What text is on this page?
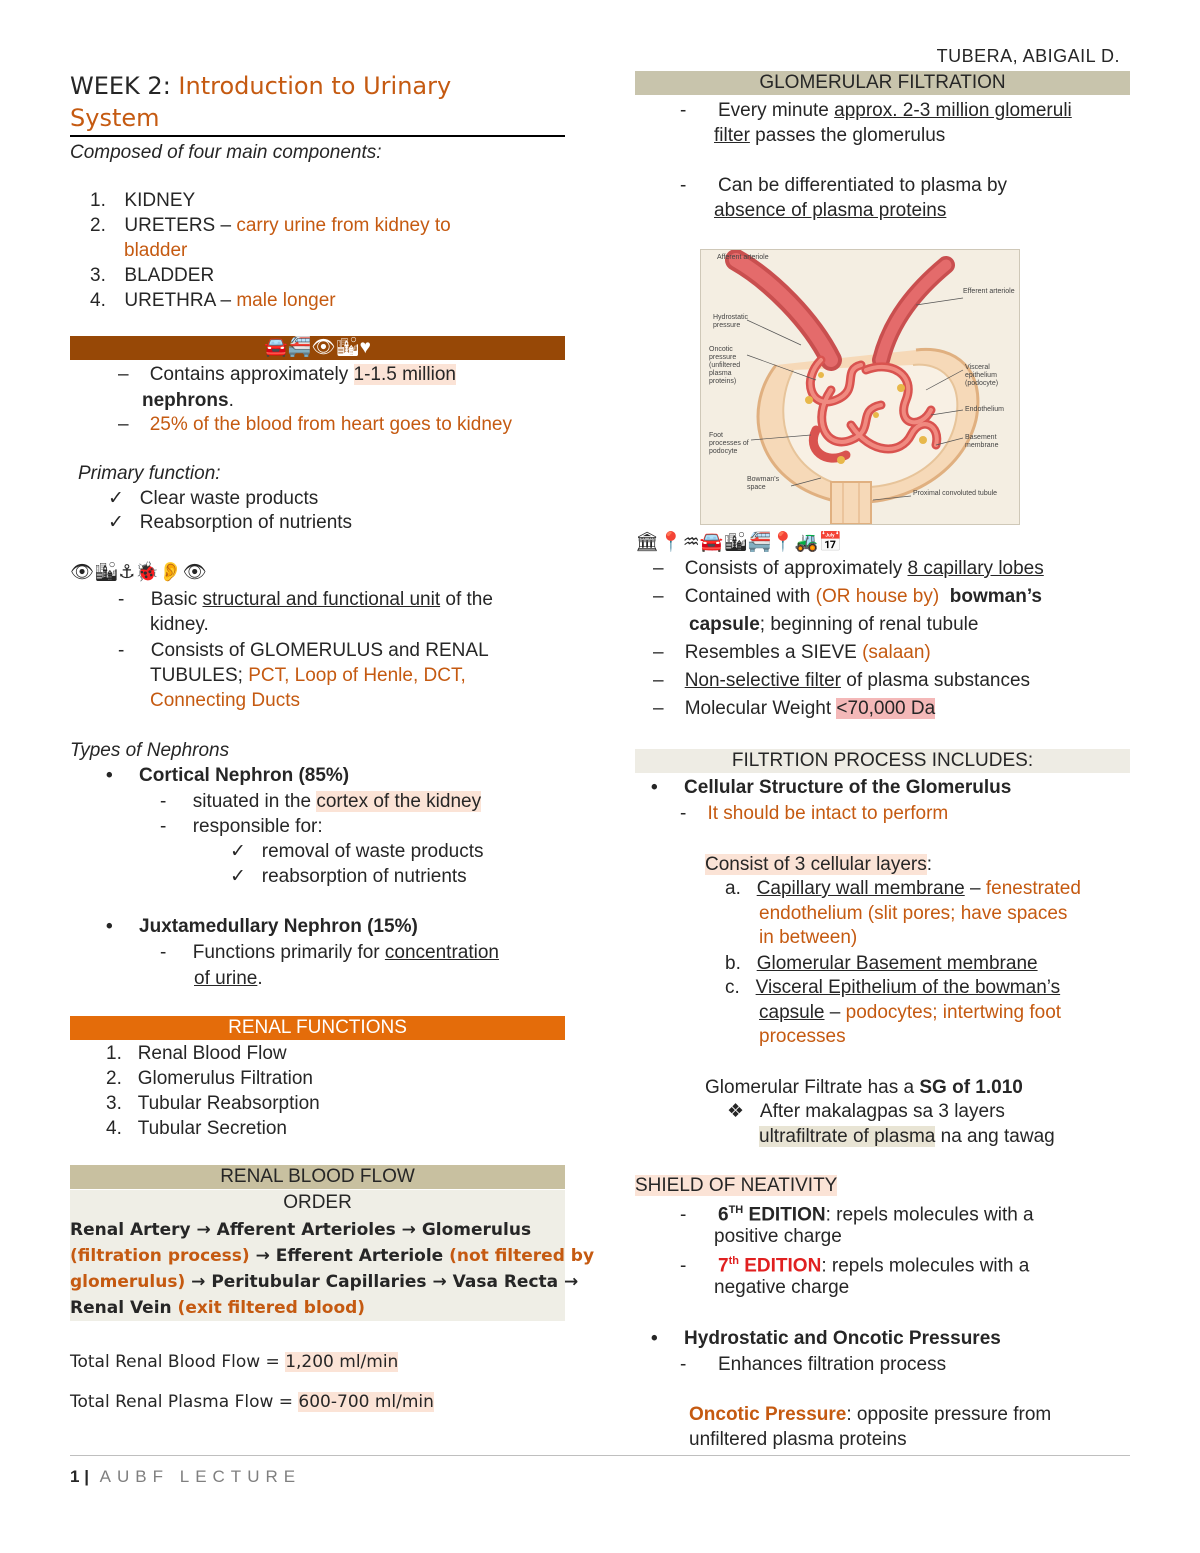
TUBERA, ABIGAIL D.
WEEK 2: Introduction to Urinary
System
Composed of four main components:
1. KIDNEY
2. URETERS – carry urine from kidney to
bladder
3. BLADDER
4. URETHRA – male longer
🚘🚝👁🏙♥
–    Contains approximately 1-1.5 million
nephrons.
–    25% of the blood from heart goes to kidney
Primary function:
✓ Clear waste products
✓ Reabsorption of nutrients
👁🏙⚓🐞👂👁
-     Basic structural and functional unit of the
kidney.
-     Consists of GLOMERULUS and RENAL
TUBULES; PCT, Loop of Henle, DCT,
Connecting Ducts
Types of Nephrons
•     Cortical Nephron (85%)
-     situated in the cortex of the kidney
-     responsible for:
✓ removal of waste products
✓ reabsorption of nutrients
•     Juxtamedullary Nephron (15%)
-     Functions primarily for concentration
of urine.
RENAL FUNCTIONS
1. Renal Blood Flow
2. Glomerulus Filtration
3. Tubular Reabsorption
4. Tubular Secretion
RENAL BLOOD FLOW
ORDER
Renal Artery → Afferent Arterioles → Glomerulus
(filtration process) → Efferent Arteriole (not filtered by
glomerulus) → Peritubular Capillaries → Vasa Recta →
Renal Vein (exit filtered blood)
Total Renal Blood Flow = 1,200 ml/min
Total Renal Plasma Flow = 600-700 ml/min
GLOMERULAR FILTRATION
-      Every minute approx. 2-3 million glomeruli
filter passes the glomerulus
-      Can be differentiated to plasma by
absence of plasma proteins
🏛📍♒🚘🏙🚝📍🚜📅
–    Consists of approximately 8 capillary lobes
–    Contained with (OR house by) bowman’s
capsule; beginning of renal tubule
–    Resembles a SIEVE (salaan)
–    Non-selective filter of plasma substances
–    Molecular Weight <70,000 Da
FILTRTION PROCESS INCLUDES:
•     Cellular Structure of the Glomerulus
-    It should be intact to perform
Consist of 3 cellular layers:
a.   Capillary wall membrane – fenestrated
endothelium (slit pores; have spaces
in between)
b.   Glomerular Basement membrane
c.   Visceral Epithelium of the bowman’s
capsule – podocytes; intertwing foot
processes
Glomerular Filtrate has a SG of 1.010
❖ After makalagpas sa 3 layers
ultrafiltrate of plasma na ang tawag
SHIELD OF NEATIVITY
-      6TH EDITION: repels molecules with a
positive charge
-      7th EDITION: repels molecules with a
negative charge
•     Hydrostatic and Oncotic Pressures
-      Enhances filtration process
Oncotic Pressure: opposite pressure from
unfiltered plasma proteins
Afferent arteriole
Efferent arteriole
Hydrostatic pressure
Oncotic pressure (unfiltered plasma proteins)
Visceral epithelium (podocyte)
Endothelium
Basement membrane
Foot processes of podocyte
Bowman's space
Proximal convoluted tubule
1 | AUBF LECTURE
